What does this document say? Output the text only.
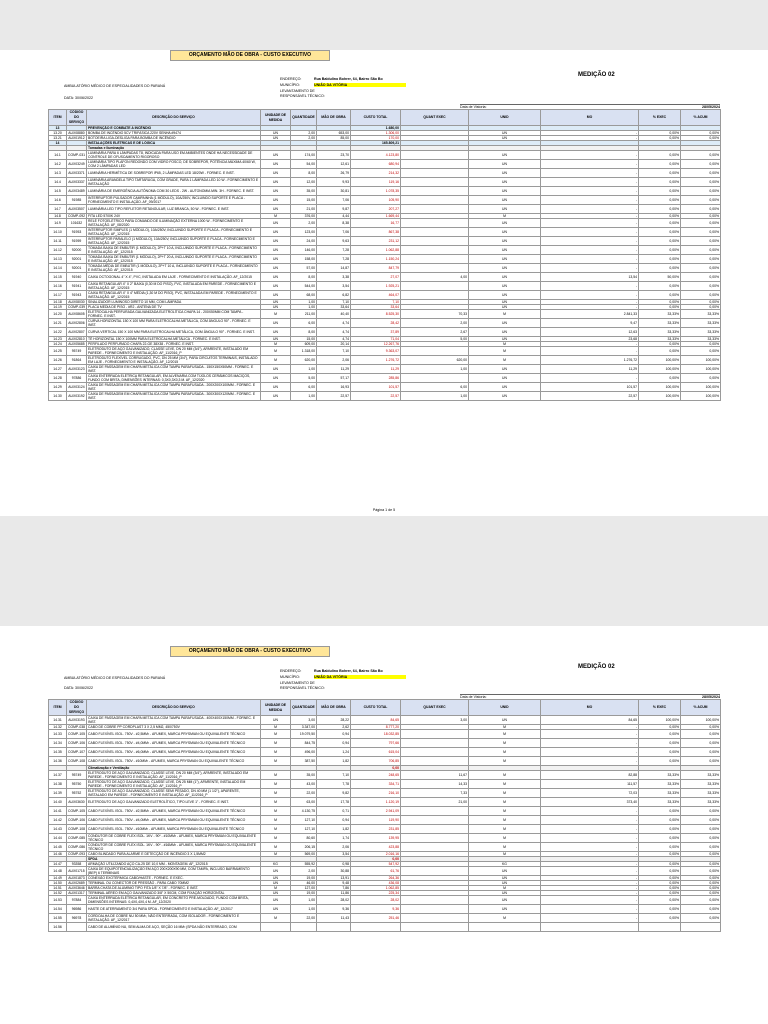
ORÇAMENTO MÃO DE OBRA - CUSTO EXECUTIVO
AMBULATÓRIO MÉDICO DE ESPECIALIDADES DO PARANÁ
DATA: 30/06/2022
ENDEREÇO:	Rua Baldulino Bohrer, 64, Bairro São Bo
MUNICÍPIO:	UNIÃO DA VITÓRIA
LEVANTAMENTO DE
RESPONSÁVEL TÉCNICO:
MEDIÇÃO 02
Data de Vistoria:	28/05/2024
ITEM	CÓDIGO DO SERVIÇO	DESCRIÇÃO DO SERVIÇO	UNIDADE DE MEDIDA	QUANTIDADE	MÃO DE OBRA	CUSTO TOTAL	QUANT EXEC	UNID	MO	% EXEC	% ACUM
13		PREVENÇÃO E COMBATE A INCÊNDIO				1.680,00					
13.20	AUX08880	BOMBA DE INCÊNDIO 5CV TRIFÁSICA 220V SENHA #9474	UN	2,00	653,00	1.306,00		UN	-	0,00%	0,00%
13.21	AUX01912	BOTOEIRA LIGA-DESLIGA PARA BOMBA DE INCÊNDIO	UN	2,00	85,00	170,00		UN	-	0,00%	0,00%
14		INSTALAÇÕES ELÉTRICAS E DE LÓGICA				165.809,21					
		Tomadas e Iluminação									
14.1	COMP-031	LUMINÁRIA PARA 6 LÂMPADAS T8, INDICADA PARA USO EM AMBIENTES ONDE HÁ NECESSIDADE DE CONTROLE DE OFUSCAMENTO RIGOROSO	UN	174,00	23,70	4.123,80		UN	-	0,00%	0,00%
14.2	AUX03249	LUMINÁRIA TIPO PLAFON REDONDO COM VIDRO FOSCO, DE SOBREPOR, POTÊNCIA MÁXIMA 40/60 W, COM 2 LÂMPADAS LED	UN	54,00	12,61	680,94		UN	-	0,00%	0,00%
14.3	AUX03371	LUMINÁRIA HERMÉTICA DE SOBREPOR IP65, 2 LÂMPADAS LED 18/20W - FORNEC. E INST.	UN	8,00	26,79	214,32		UN	-	0,00%	0,00%
14.4	AUX03337	LUMINÁRIA ARANDELA TIPO TARTARUGA, COM GRADE, PARA 1 LÂMPADA LED 10 W - FORNECIMENTO E INSTALAÇÃO	UN	12,00	9,93	119,16		UN	-	0,00%	0,00%
14.5	AUX03489	LUMINÁRIA DE EMERGÊNCIA AUTÔNOMA COM 30 LEDS - 2W - AUTONOMIA MIN. 3H - FORNEC. E INST.	UN	35,00	30,81	1.078,35		UN	-	0,00%	0,00%
14.6	91985	INTERRUPTOR PULSADOR CAMPAINHA (1 MÓDULO), 10A/250V, INCLUINDO SUPORTE E PLACA - FORNECIMENTO E INSTALAÇÃO. AF_09/2017	UN	15,00	7,06	105,90		UN	-	0,00%	0,00%
14.7	AUX03507	LUMINÁRIA LED TIPO REFLETOR RETANGULAR, LUZ BRANCA, 50 W - FORNEC. E INST.	UN	21,00	9,87	207,27		UN	-	0,00%	0,00%
14.8	COMP-092	FITA LED 5700K 24V	M	376,00	4,44	1.669,44		M	-	0,00%	0,00%
14.9	101632	RELÉ FOTOELÉTRICO PARA COMANDO DE ILUMINAÇÃO EXTERNA 1000 W - FORNECIMENTO E INSTALAÇÃO. AF_08/2020	UN	2,00	8,38	16,77		UN	-	0,00%	0,00%
14.10	91953	INTERRUPTOR SIMPLES (1 MÓDULO), 10A/250V, INCLUINDO SUPORTE E PLACA - FORNECIMENTO E INSTALAÇÃO. AF_12/2015	UN	123,00	7,06	867,38		UN	-	0,00%	0,00%
14.11	91959	INTERRUPTOR PARALELO (1 MÓDULO), 10A/250V, INCLUINDO SUPORTE E PLACA - FORNECIMENTO E INSTALAÇÃO. AF_12/2015	UN	24,00	9,63	231,12		UN	-	0,00%	0,00%
14.12	92000	TOMADA BAIXA DE EMBUTIR (1 MÓDULO), 2P+T 10 A, INCLUINDO SUPORTE E PLACA - FORNECIMENTO E INSTALAÇÃO. AF_12/2015	UN	146,00	7,28	1.062,88		UN	-	0,00%	0,00%
14.13	92001	TOMADA BAIXA DE EMBUTIR (1 MÓDULO), 2P+T 20 A, INCLUINDO SUPORTE E PLACA - FORNECIMENTO E INSTALAÇÃO. AF_12/2015	UN	158,00	7,28	1.150,24		UN	-	0,00%	0,00%
14.14	92001	TOMADA MÉDIA DE EMBUTIR (1 MÓDULO), 2P+T 10 A, INCLUINDO SUPORTE E PLACA - FORNECIMENTO E INSTALAÇÃO. AF_12/2015	UN	57,00	14,87	847,79		UN	-	0,00%	0,00%
14.15	91940	CAIXA OCTOGONAL 4" X 4", PVC, INSTALADA EM LAJE - FORNECIMENTO E INSTALAÇÃO. AF_12/2015	UN	8,00	3,38	27,07	4,00	UN	13,54	50,00%	0,00%
14.16	91941	CAIXA RETANGULAR 4" X 2" BAIXA (0,30 M DO PISO), PVC, INSTALADA EM PAREDE - FORNECIMENTO E INSTALAÇÃO. AF_12/2015	UN	544,00	3,54	1.925,21		UN	-	0,00%	0,00%
14.17	91943	CAIXA RETANGULAR 4" X 4" MÉDIA (1,30 M DO PISO), PVC, INSTALADA EM PAREDE - FORNECIMENTO E INSTALAÇÃO. AF_12/2015	UN	68,00	6,82	464,07		UN	-	0,00%	0,00%
14.18	AUX08030	SINALIZADOR LUMINOSO DIRETO 10 MM, COM LÂMPADA	UN	1,00	7,10	7,10		UN	-	0,00%	0,00%
14.19	COMP-039	PLACA MEDIA DE PISO - #R2 - ANTENA DE TV	UN	1,00	33,64	33,64		UN	-	0,00%	0,00%
14.20	AUX08605	ELETROCALHA PERFURADA GALVANIZADA ELETROLÍTICA CHAPA 14 - 200X50MM COM TAMPA - FORNEC. E INST.	M	211,00	40,40	8.525,30	70,33	M	2.841,33	33,33%	33,33%
14.21	AUX02806	CURVA HORIZONTAL 150 X 100 MM PARA ELETROCALHA METÁLICA, COM ÂNGULO 90° - FORNEC. E INST.	UN	6,00	4,74	28,42	2,00	UN	9,47	33,33%	33,33%
14.22	AUX02807	CURVA VERTICAL 150 X 100 MM PARA ELETROCALHA METÁLICA, COM ÂNGULO 90° - FORNEC. E INST.	UN	8,00	4,74	37,89	2,67	UN	12,63	33,33%	33,33%
14.23	AUX02810	TÊ HORIZONTAL 150 X 100MM PARA ELETROCALHA METÁLICA - FORNEC. E INST.	UN	15,00	4,74	71,04	5,00	UN	23,68	33,33%	33,33%
14.24	AUX05685	PERFILADO PERFURADO CHAPA 22-GE 38X38 - FORNEC. E INST.	M	609,00	20,14	12.267,76		M	-	0,00%	0,00%
14.25	95749	ELETRODUTO DE AÇO GALVANIZADO, CLASSE LEVE, DN 20 MM (3/4"), APARENTE, INSTALADO EM PAREDE - FORNECIMENTO E INSTALAÇÃO. AF_11/2016_P	M	1.318,00	7,10	9.363,07		M	-	0,00%	0,00%
14.26	91864	ELETRODUTO FLEXÍVEL CORRUGADO, PVC, DN 25 MM (3/4"), PARA CIRCUITOS TERMINAIS, INSTALADO EM LAJE - FORNECIMENTO E INSTALAÇÃO. AF_12/2015	M	620,00	2,06	1.276,72	620,00	M	1.276,72	100,00%	100,00%
14.27	AUX03123	CAIXA DE PASSAGEM EM CHAPA METÁLICA COM TAMPA PARAFUSADA - 150X150X50MM - FORNEC. E INST.	UN	1,00	11,29	11,29	1,00	UN	11,29	100,00%	100,00%
14.28	97886	CAIXA ENTERRADA ELÉTRICA RETANGULAR, EM ALVENARIA COM TIJOLOS CERÂMICOS MACIÇOS, FUNDO COM BRITA, DIMENSÕES INTERNAS: 0,3X0,3X0,3 M. AF_12/2020	UN	5,00	57,17	285,86		UN	-	0,00%	0,00%
14.29	AUX03124	CAIXA DE PASSAGEM EM CHAPA METÁLICA COM TAMPA PARAFUSADA - 200X200X100MM - FORNEC. E INST.	UN	6,00	16,93	101,57	6,00	UN	101,57	100,00%	100,00%
14.30	AUX03192	CAIXA DE PASSAGEM EM CHAPA METÁLICA COM TAMPA PARAFUSADA - 300X300X120MM - FORNEC. E INST.	UN	1,00	22,57	22,57	1,00	UN	22,57	100,00%	100,00%
Página 1 de 5
ORÇAMENTO MÃO DE OBRA - CUSTO EXECUTIVO
AMBULATÓRIO MÉDICO DE ESPECIALIDADES DO PARANÁ
DATA: 30/06/2022
ENDEREÇO:	Rua Baldulino Bohrer, 64, Bairro São Bo
MUNICÍPIO:	UNIÃO DA VITÓRIA
LEVANTAMENTO DE
RESPONSÁVEL TÉCNICO:
MEDIÇÃO 02
Data de Vistoria:	28/05/2024
ITEM	CÓDIGO DO SERVIÇO	DESCRIÇÃO DO SERVIÇO	UNIDADE DE MEDIDA	QUANTIDADE	MÃO DE OBRA	CUSTO TOTAL	QUANT EXEC	UNID	MO	% EXEC	% ACUM
14.31	AUX03193	CAIXA DE PASSAGEM EM CHAPA METÁLICA COM TAMPA PARAFUSADA - 400X400X150MM - FORNEC. E INST.	UN	3,00	28,22	84,65	3,00	UN	84,65	100,00%	100,00%
14.32	COMP-038	CABO DE COBRE PP CORDPLAST 3 X 2,5 MM2, 450/750V	M	3.347,00	2,62	8.777,20		M	-	0,00%	0,00%
14.33	COMP-105	CABO FLEXÍVEL ISOL. 750V - #2,5MM² - AFUMEX, MARCA PRYSMIAN OU EQUIVALENTE TÉCNICO	M	19.079,50	0,94	18.032,85		M	-	0,00%	0,00%
14.34	COMP-106	CABO FLEXÍVEL ISOL. 750V - #4,0MM² - AFUMEX, MARCA PRYSMIAN OU EQUIVALENTE TÉCNICO	M	844,75	0,94	797,66		M	-	0,00%	0,00%
14.35	COMP-107	CABO FLEXÍVEL ISOL. 750V - #6,0MM² - AFUMEX, MARCA PRYSMIAN OU EQUIVALENTE TÉCNICO	M	496,00	1,24	615,04		M	-	0,00%	0,00%
14.36	COMP-108	CABO FLEXÍVEL ISOL. 750V - #10MM² - AFUMEX, MARCA PRYSMIAN OU EQUIVALENTE TÉCNICO	M	387,50	1,82	706,85		M	-	0,00%	0,00%
		Climatização e Ventilação				0,00					
14.37	95749	ELETRODUTO DE AÇO GALVANIZADO, CLASSE LEVE, DN 20 MM (3/4"), APARENTE, INSTALADO EM PAREDE - FORNECIMENTO E INSTALAÇÃO. AF_11/2016_P	M	35,00	7,10	248,65	11,67	M	82,88	33,33%	33,33%
14.38	95750	ELETRODUTO DE AÇO GALVANIZADO, CLASSE LEVE, DN 25 MM (1"), APARENTE, INSTALADO EM PAREDE - FORNECIMENTO E INSTALAÇÃO. AF_11/2016_P	M	43,00	7,78	334,71	14,33	M	111,57	33,33%	33,33%
14.39	95752	ELETRODUTO DE AÇO GALVANIZADO, CLASSE SEMI PESADO, DN 40 MM (1 1/2"), APARENTE, INSTALADO EM PAREDE - FORNECIMENTO E INSTALAÇÃO. AF_11/2016_P	M	22,00	9,82	216,10	7,33	M	72,03	33,33%	33,33%
14.40	AUX03630	ELETRODUTO DE AÇO GALVANIZADO ELETROLÍTICO, TIPO LEVE 1" - FORNEC. E INST.	M	63,00	17,78	1.120,19	21,00	M	373,40	33,33%	33,33%
14.41	COMP-105	CABO FLEXÍVEL ISOL. 750V - #2,5MM² - AFUMEX, MARCA PRYSMIAN OU EQUIVALENTE TÉCNICO	M	4.130,75	0,71	2.941,09		M	-	0,00%	0,00%
14.42	COMP-106	CABO FLEXÍVEL ISOL. 750V - #4,0MM² - AFUMEX, MARCA PRYSMIAN OU EQUIVALENTE TÉCNICO	M	127,10	0,94	119,90		M	-	0,00%	0,00%
14.43	COMP-108	CABO FLEXÍVEL ISOL. 750V - #10MM² - AFUMEX, MARCA PRYSMIAN OU EQUIVALENTE TÉCNICO	M	127,10	1,82	231,85		M	-	0,00%	0,00%
14.44	COMP-085	CONDUTOR DE COBRE FLEX ISOL. 1KV - 90º - #10MM² - AFUMEX, MARCA PRYSMIAN OU EQUIVALENTE TÉCNICO	M	80,60	1,74	139,95		M	-	0,00%	0,00%
14.45	COMP-086	CONDUTOR DE COBRE FLEX ISOL. 1KV - 90º - #16MM² - AFUMEX, MARCA PRYSMIAN OU EQUIVALENTE TÉCNICO	M	206,15	2,06	423,88		M	-	0,00%	0,00%
14.46	COMP-093	CABO BLINDADO PARA ALARME E DETECÇÃO DE INCÊNDIO 3 X 1,5MM2	M	569,00	3,54	2.016,16		M	-	0,00%	0,00%
		SPDA				0,00					
14.47	93358	ARMAÇÃO UTILIZANDO AÇO CA-25 DE 10,0 MM - MONTAGEM. AF_12/2015	KG	555,92	0,98	547,92		KG	-	0,00%	0,00%
14.48	AUX01715	CAIXA DE EQUIPOTENCIALIZAÇÃO EM AÇO 200X200X90 MM, COM TAMPA, INCLUSO BARRAMENTO (BEP) 6 TERMINAIS	UN	2,00	30,88	61,76		UN	-	0,00%	0,00%
14.49	AUX01873	CONEXÃO EXOTÉRMICA CABO/HASTE - FORNEC. E EXEC.	UN	19,00	13,91	264,36		UN	-	0,00%	0,00%
14.50	AUX02689	TERMINAL OU CONECTOR DE PRESSÃO - PARA CABO 70MM2	UN	46,00	9,48	436,08		UN	-	0,00%	0,00%
14.51	AUX03646	BARRA CHATA DE ALUMÍNIO TIPO FITA 1/8" X 7/8" - FORNEC. E INST.	M	127,00	7,86	1.062,85		M	-	0,00%	0,00%
14.52	AUX01317	TERMINAL AÉREO EM AÇO GALVANIZADO 3/8" X 50CM, COM FIXAÇÃO HORIZONTAL	UN	19,00	11,86	225,34		UN	-	0,00%	0,00%
14.53	97884	CAIXA ENTERRADA ELÉTRICA RETANGULAR, EM CONCRETO PRÉ-MOLDADO, FUNDO COM BRITA, DIMENSÕES INTERNAS: 0,4X0,4X0,4 M. AF_12/2020	UN	1,00	28,02	28,02		UN	-	0,00%	0,00%
14.54	96986	HASTE DE ATERRAMENTO 3/4 PARA SPDA - FORNECIMENTO E INSTALAÇÃO. AF_12/2017	UN	1,00	9,36	9,36		UN	-	0,00%	0,00%
14.55	96978	CORDOALHA DE COBRE NU 50 MM², NÃO ENTERRADA, COM ISOLADOR - FORNECIMENTO E INSTALAÇÃO. AF_12/2017	M	22,00	11,43	251,46		M	-	0,00%	0,00%
14.56		CABO DE ALUMÍNIO NU, SEM ALMA DE AÇO, SEÇÃO 16 MM² (SPDA NÃO ENTERRADO, COM									
